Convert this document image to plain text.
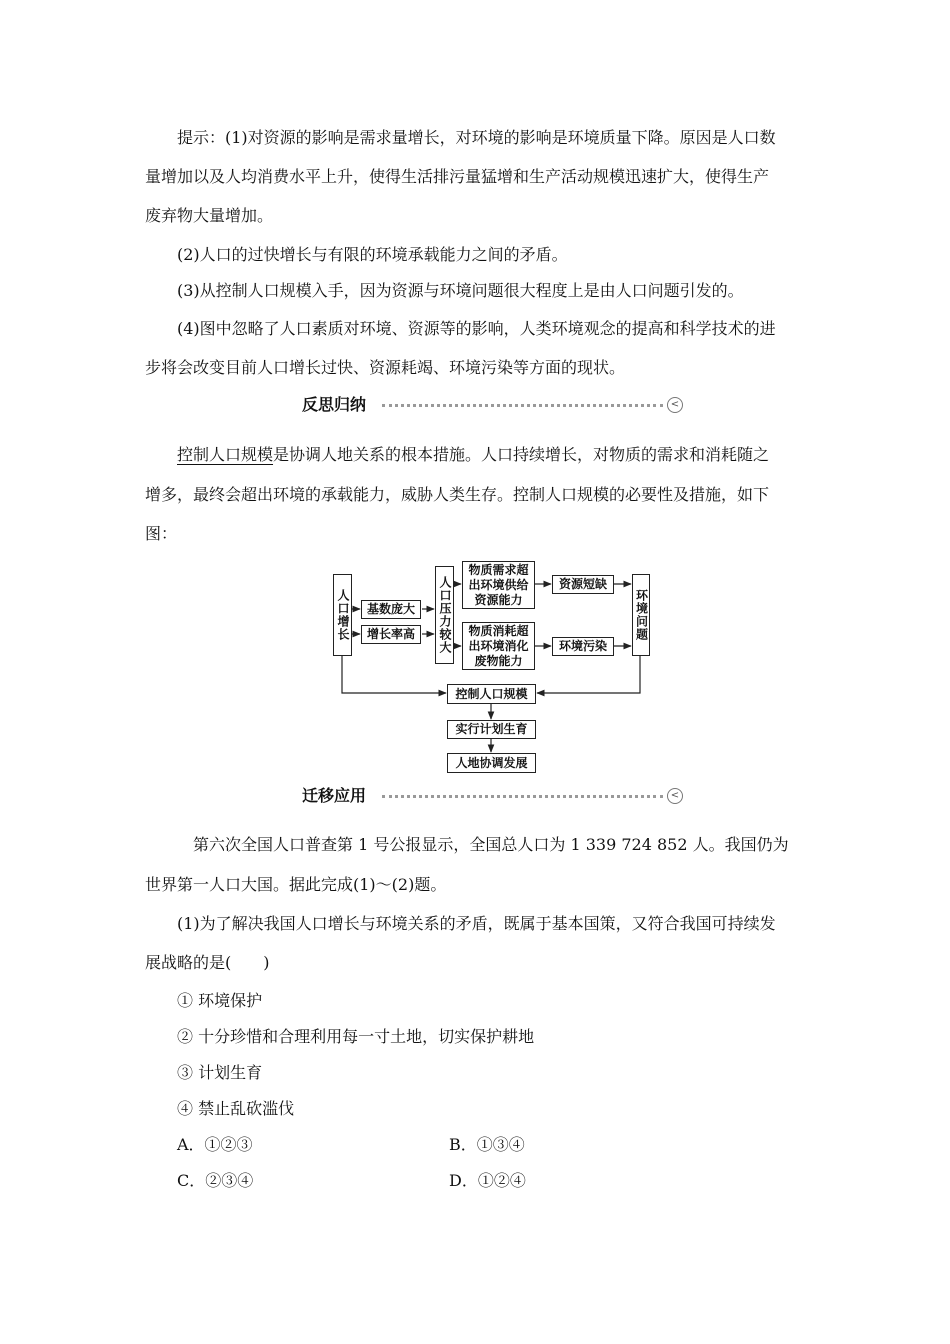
提示：(1)对资源的影响是需求量增长，对环境的影响是环境质量下降。原因是人口数
量增加以及人均消费水平上升，使得生活排污量猛增和生产活动规模迅速扩大，使得生产
废弃物大量增加。
(2)人口的过快增长与有限的环境承载能力之间的矛盾。
(3)从控制人口规模入手，因为资源与环境问题很大程度上是由人口问题引发的。
(4)图中忽略了人口素质对环境、资源等的影响，人类环境观念的提高和科学技术的进
步将会改变目前人口增长过快、资源耗竭、环境污染等方面的现状。
反思归纳	<
控制人口规模是协调人地关系的根本措施。人口持续增长，对物质的需求和消耗随之
增多，最终会超出环境的承载能力，威胁人类生存。控制人口规模的必要性及措施，如下
图：
人口增长	基数庞大
增长率高	人口压力较大
物质需求超
出环境供给
资源能力
物质消耗超
出环境消化
废物能力
资源短缺
环境污染
环境问题
控制人口规模
实行计划生育
人地协调发展
迁移应用	<
第六次全国人口普查第 1 号公报显示，全国总人口为 1 339 724 852 人。我国仍为
世界第一人口大国。据此完成(1)～(2)题。
(1)为了解决我国人口增长与环境关系的矛盾，既属于基本国策，又符合我国可持续发
展战略的是(　　)
① 环境保护
② 十分珍惜和合理利用每一寸土地，切实保护耕地
③ 计划生育
④ 禁止乱砍滥伐
A．①②③	B．①③④
C．②③④	D．①②④
